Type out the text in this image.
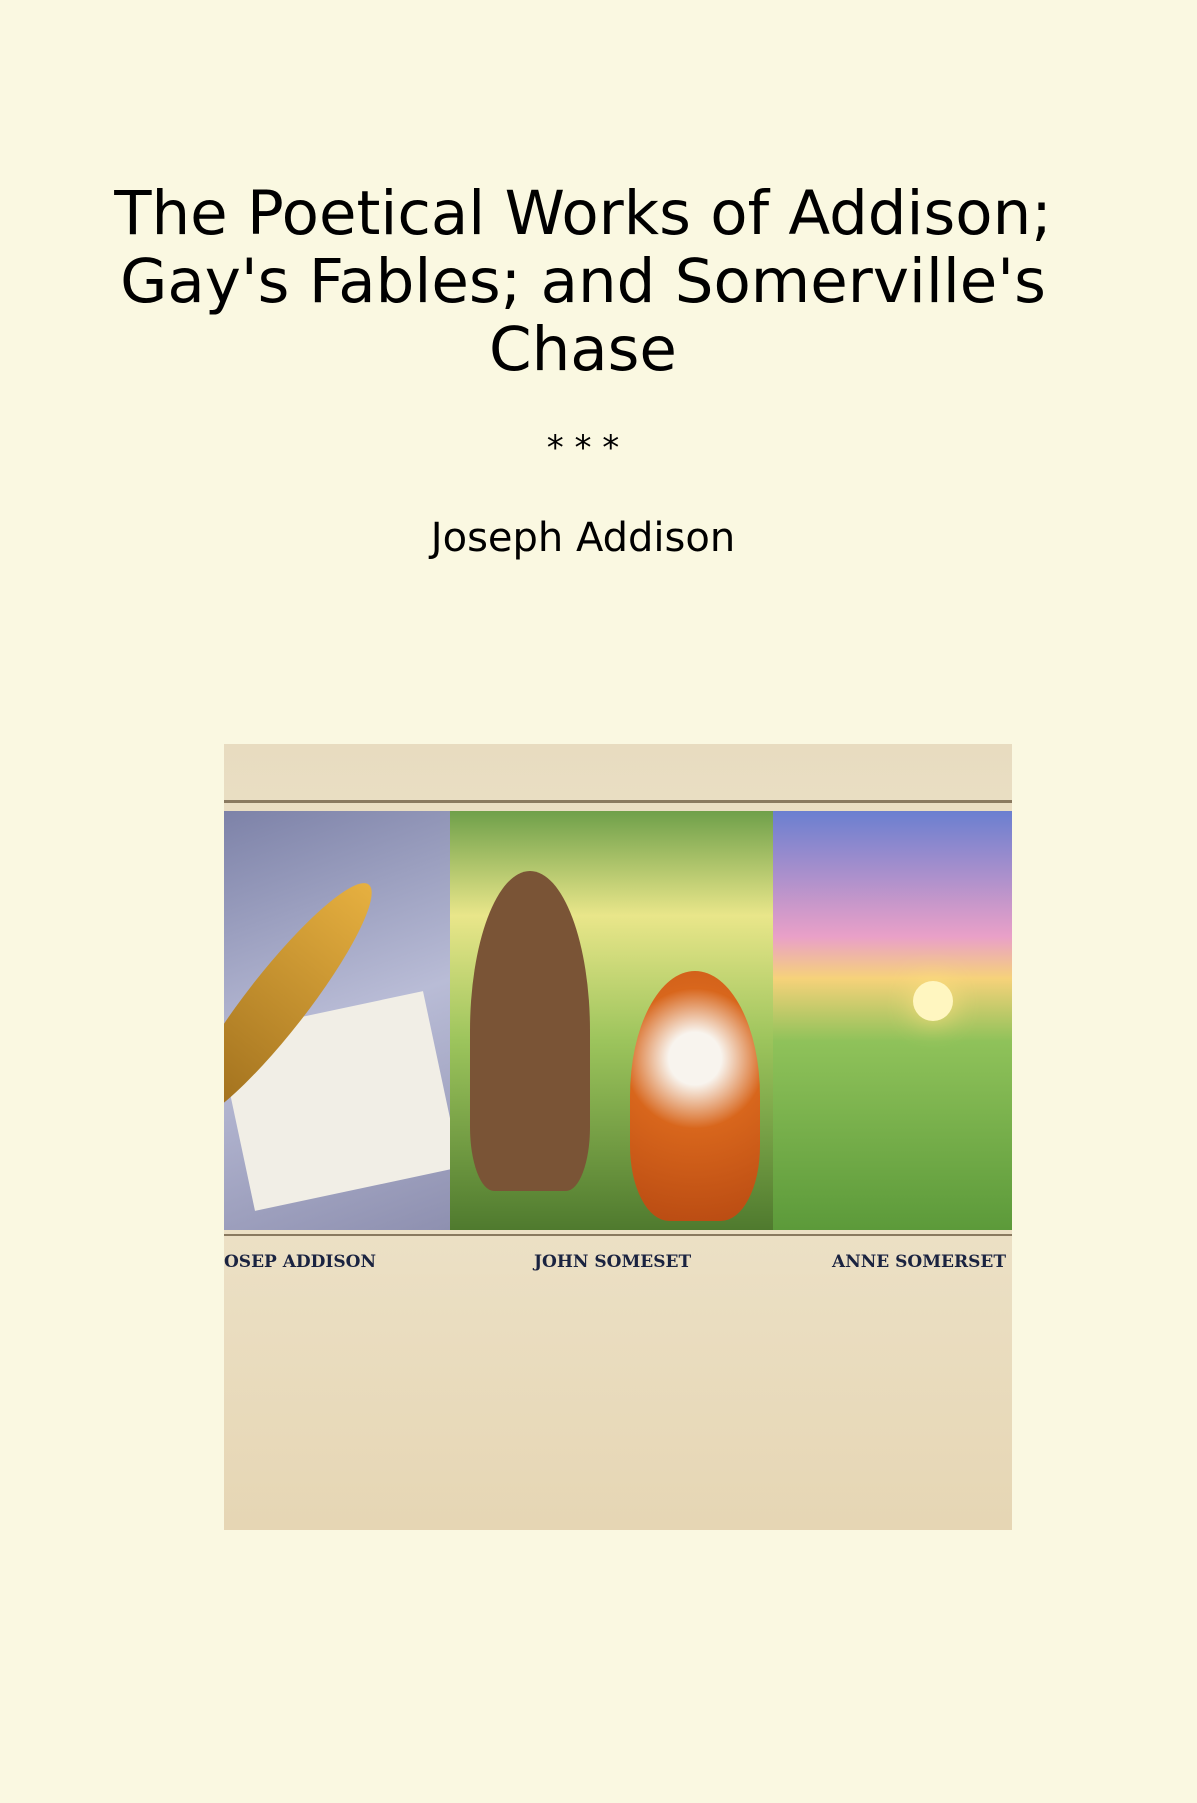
The Poetical Works of Addison;
Gay's Fables; and Somerville's
Chase
* * *
Joseph Addison
OSEP ADDISON	JOHN SOMESET	ANNE SOMERSET
